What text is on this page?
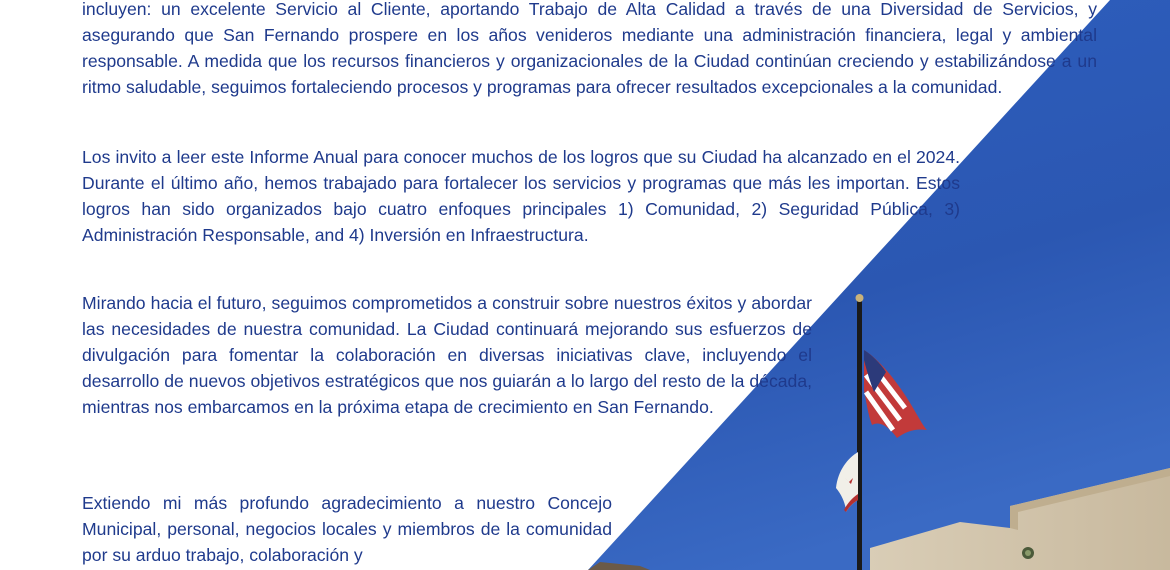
incluyen: un excelente Servicio al Cliente, aportando Trabajo de Alta Calidad a través de una Diversidad de Servicios, y asegurando que San Fernando prospere en los años venideros mediante una administración financiera, legal y ambiental responsable. A medida que los recursos financieros y organizacionales de la Ciudad continúan creciendo y estabilizándose a un ritmo saludable, seguimos fortaleciendo procesos y programas para ofrecer resultados excepcionales a la comunidad.

Los invito a leer este Informe Anual para conocer muchos de los logros que su Ciudad ha alcanzado en el 2024. Durante el último año, hemos trabajado para fortalecer los servicios y programas que más les importan. Estos logros han sido organizados bajo cuatro enfoques principales 1) Comunidad, 2) Seguridad Pública, 3) Administración Responsable, and 4) Inversión en Infraestructura.

Mirando hacia el futuro, seguimos comprometidos a construir sobre nuestros éxitos y abordar las necesidades de nuestra comunidad. La Ciudad continuará mejorando sus esfuerzos de divulgación para fomentar la colaboración en diversas iniciativas clave, incluyendo el desarrollo de nuevos objetivos estratégicos que nos guiarán a lo largo del resto de la década, mientras nos embarcamos en la próxima etapa de crecimiento en San Fernando.

Extiendo mi más profundo agradecimiento a nuestro Concejo Municipal, personal, negocios locales y miembros de la comunidad por su arduo trabajo, colaboración y
